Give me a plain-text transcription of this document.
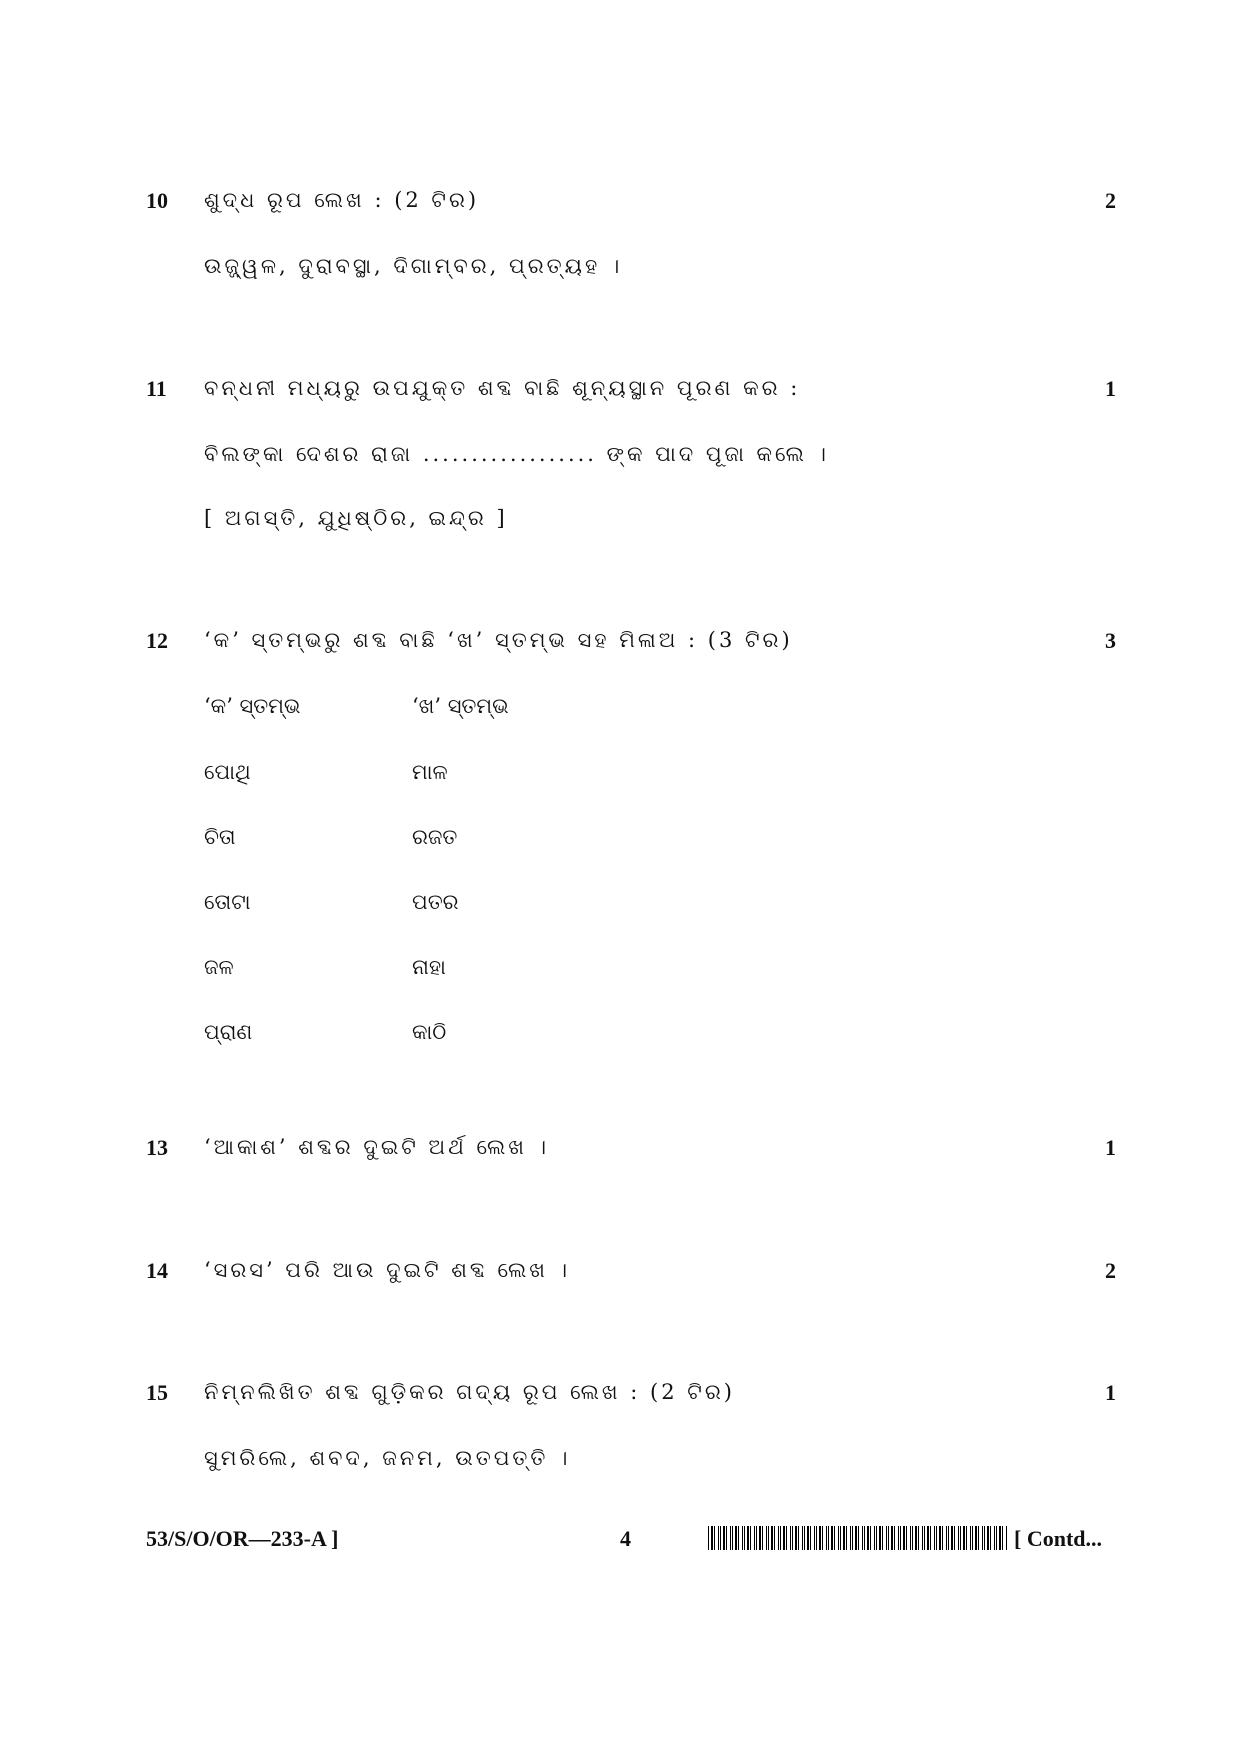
10 ଶୁଦ୍ଧ ରୂପ ଲେଖ : (2 ଟିର)	2
ଉଜ୍ଜ୍ୱଳ, ଦୁରାବସ୍ଥା, ଦିଗାମ୍ବର, ପ୍ରତ୍ୟହ ।
11 ବନ୍ଧନୀ ମଧ୍ୟରୁ ଉପଯୁକ୍ତ ଶବ୍ଦ ବାଛି ଶୂନ୍ୟସ୍ଥାନ ପୂରଣ କର :	1
ବିଲଙ୍କା ଦେଶର ରାଜା .................. ଙ୍କ ପାଦ ପୂଜା କଲେ ।
[ ଅଗସ୍ତି, ଯୁଧିଷ୍ଠିର, ଇନ୍ଦ୍ର ]
12 ‘କ’ ସ୍ତମ୍ଭରୁ ଶବ୍ଦ ବାଛି ‘ଖ’ ସ୍ତମ୍ଭ ସହ ମିଳାଅ : (3 ଟିର)	3
‘କ’ ସ୍ତମ୍ଭ	‘ଖ’ ସ୍ତମ୍ଭ
ପୋଥି	ମାଳ
ଚିତା	ରଜତ
ତୋଟା	ପତର
ଜଳ	ନାହା
ପ୍ରାଣ	କାଠି
13 ‘ଆକାଶ’ ଶବ୍ଦର ଦୁଇଟି ଅର୍ଥ ଲେଖ ।	1
14 ‘ସରସ’ ପରି ଆଉ ଦୁଇଟି ଶବ୍ଦ ଲେଖ ।	2
15 ନିମ୍ନଲିଖିତ ଶବ୍ଦ ଗୁଡ଼ିକର ଗଦ୍ୟ ରୂପ ଲେଖ : (2 ଟିର)	1
ସୁମରିଲେ, ଶବଦ, ଜନମ, ଉତପତ୍ତି ।
53/S/O/OR—233-A ]	4	[ Contd...
